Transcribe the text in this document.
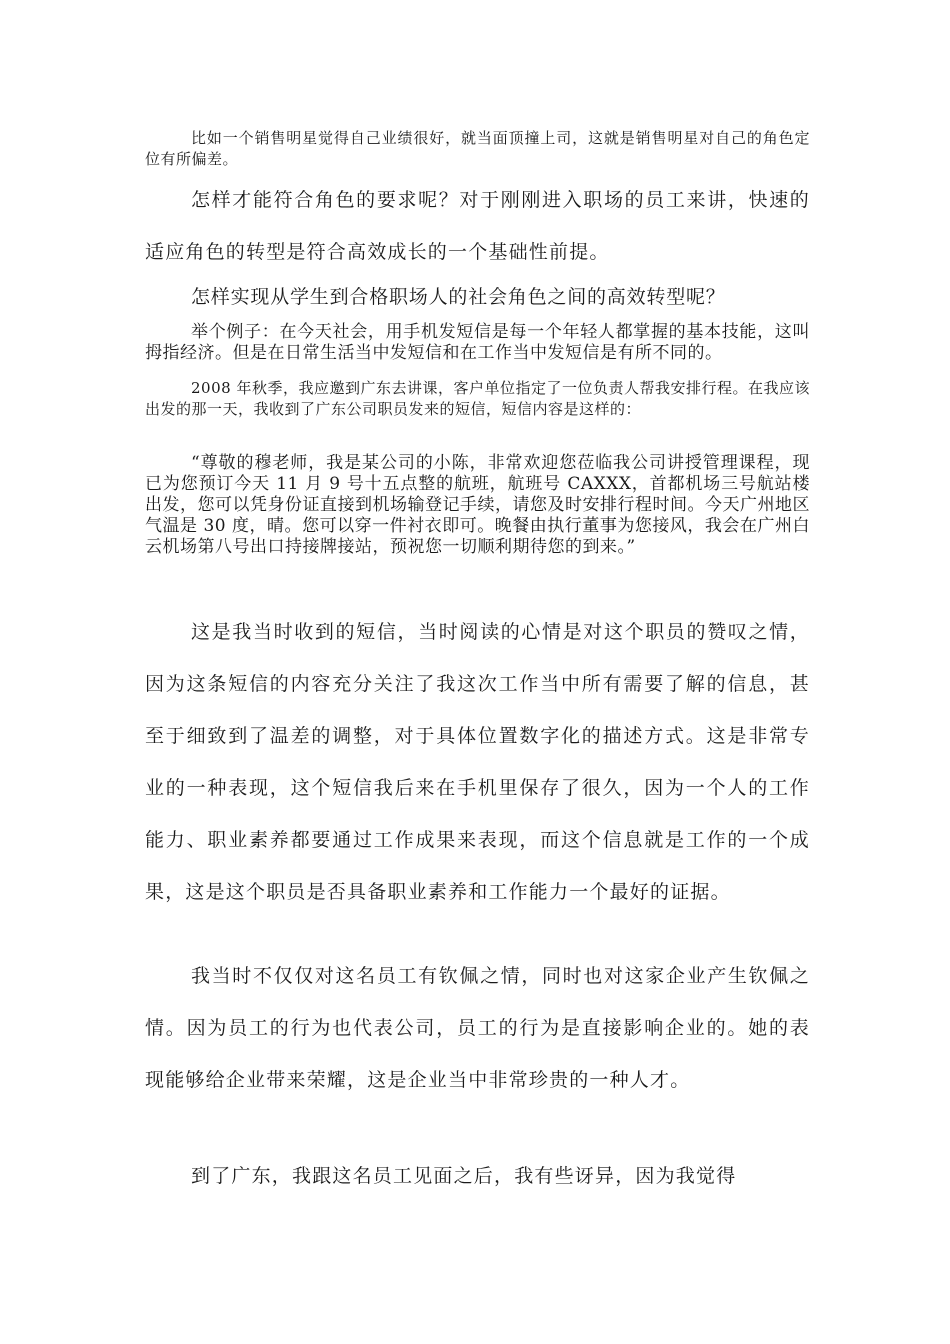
比如一个销售明星觉得自己业绩很好，就当面顶撞上司，这就是销售明星对自己的角色定位有所偏差。

怎样才能符合角色的要求呢？对于刚刚进入职场的员工来讲，快速的适应角色的转型是符合高效成长的一个基础性前提。

怎样实现从学生到合格职场人的社会角色之间的高效转型呢？

举个例子：在今天社会，用手机发短信是每一个年轻人都掌握的基本技能，这叫拇指经济。但是在日常生活当中发短信和在工作当中发短信是有所不同的。

2008 年秋季，我应邀到广东去讲课，客户单位指定了一位负责人帮我安排行程。在我应该出发的那一天，我收到了广东公司职员发来的短信，短信内容是这样的：

“尊敬的穆老师，我是某公司的小陈，非常欢迎您莅临我公司讲授管理课程，现已为您预订今天 11 月 9 号十五点整的航班，航班号 CAXXX，首都机场三号航站楼出发，您可以凭身份证直接到机场输登记手续，请您及时安排行程时间。今天广州地区气温是 30 度，晴。您可以穿一件衬衣即可。晚餐由执行董事为您接风，我会在广州白云机场第八号出口持接牌接站，预祝您一切顺利期待您的到来。”

这是我当时收到的短信，当时阅读的心情是对这个职员的赞叹之情，因为这条短信的内容充分关注了我这次工作当中所有需要了解的信息，甚至于细致到了温差的调整，对于具体位置数字化的描述方式。这是非常专业的一种表现，这个短信我后来在手机里保存了很久，因为一个人的工作能力、职业素养都要通过工作成果来表现，而这个信息就是工作的一个成果，这是这个职员是否具备职业素养和工作能力一个最好的证据。

我当时不仅仅对这名员工有钦佩之情，同时也对这家企业产生钦佩之情。因为员工的行为也代表公司，员工的行为是直接影响企业的。她的表现能够给企业带来荣耀，这是企业当中非常珍贵的一种人才。

到了广东，我跟这名员工见面之后，我有些讶异，因为我觉得
